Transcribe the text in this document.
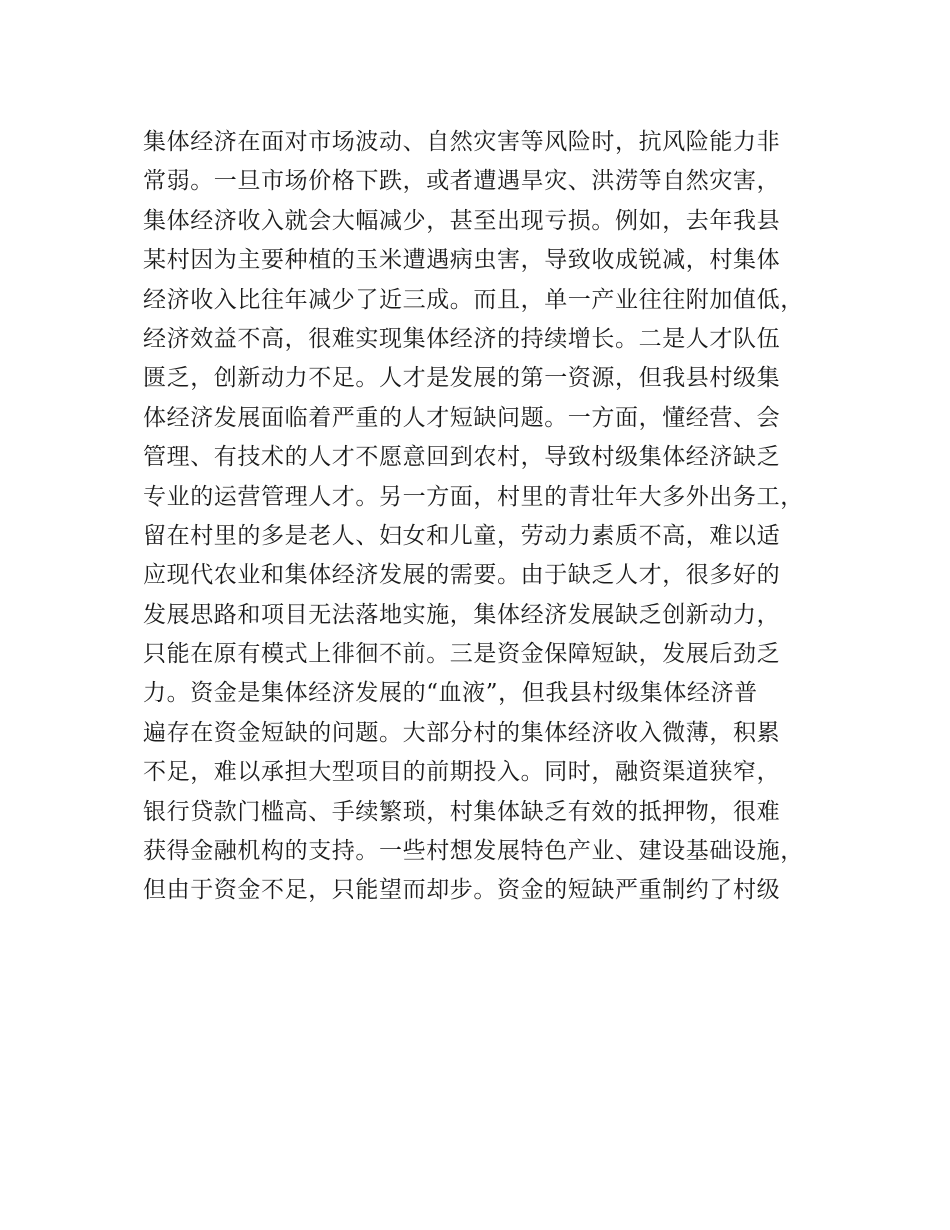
集体经济在面对市场波动、自然灾害等风险时，抗风险能力非
常弱。一旦市场价格下跌，或者遭遇旱灾、洪涝等自然灾害，
集体经济收入就会大幅减少，甚至出现亏损。例如，去年我县
某村因为主要种植的玉米遭遇病虫害，导致收成锐减，村集体
经济收入比往年减少了近三成。而且，单一产业往往附加值低，
经济效益不高，很难实现集体经济的持续增长。二是人才队伍
匮乏，创新动力不足。人才是发展的第一资源，但我县村级集
体经济发展面临着严重的人才短缺问题。一方面，懂经营、会
管理、有技术的人才不愿意回到农村，导致村级集体经济缺乏
专业的运营管理人才。另一方面，村里的青壮年大多外出务工，
留在村里的多是老人、妇女和儿童，劳动力素质不高，难以适
应现代农业和集体经济发展的需要。由于缺乏人才，很多好的
发展思路和项目无法落地实施，集体经济发展缺乏创新动力，
只能在原有模式上徘徊不前。三是资金保障短缺，发展后劲乏
力。资金是集体经济发展的“血液”，但我县村级集体经济普
遍存在资金短缺的问题。大部分村的集体经济收入微薄，积累
不足，难以承担大型项目的前期投入。同时，融资渠道狭窄，
银行贷款门槛高、手续繁琐，村集体缺乏有效的抵押物，很难
获得金融机构的支持。一些村想发展特色产业、建设基础设施，
但由于资金不足，只能望而却步。资金的短缺严重制约了村级
